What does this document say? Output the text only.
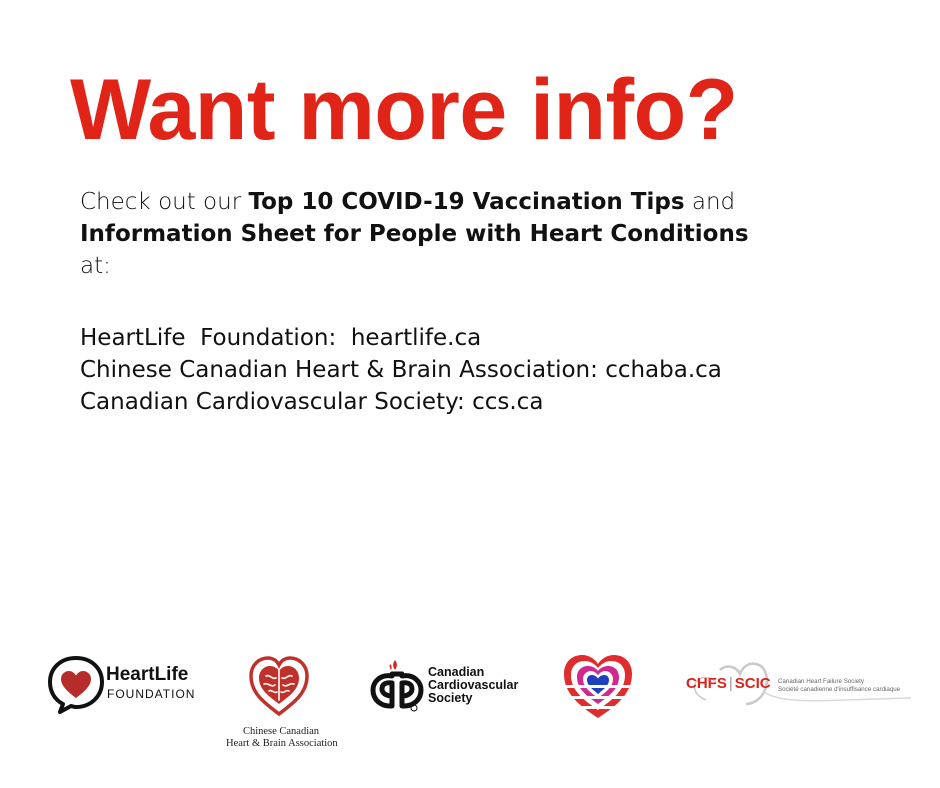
Want more info?

Check out our Top 10 COVID-19 Vaccination Tips and Information Sheet for People with Heart Conditions at:

HeartLife  Foundation:  heartlife.ca
Chinese Canadian Heart & Brain Association: cchaba.ca
Canadian Cardiovascular Society: ccs.ca
HeartLife
FOUNDATION
Chinese Canadian
Heart & Brain Association
Canadian
Cardiovascular
Society
CHFS | SCIC Canadian Heart Failure Society
Société canadienne d'insuffisance cardiaque
